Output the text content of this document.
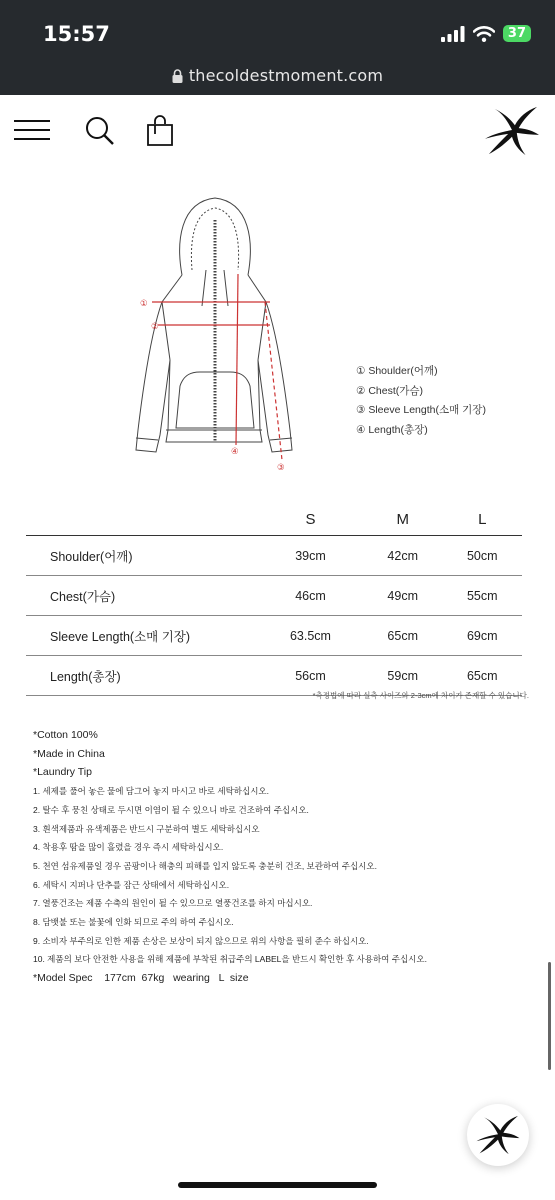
15:57	37
thecoldestmoment.com
①
②
④
③
① Shoulder(어깨)
② Chest(가슴)
③ Sleeve Length(소매 기장)
④ Length(총장)
	S	M	L
Shoulder(어깨)	39cm	42cm	50cm
Chest(가슴)	46cm	49cm	55cm
Sleeve Length(소매 기장)	63.5cm	65cm	69cm
Length(총장)	56cm	59cm	65cm
*측정법에 따라 실측 사이즈와 2-3cm에 차이가 존재할 수 있습니다.
*Cotton 100%
*Made in China
*Laundry Tip
1. 세제를 풀어 놓은 물에 담그어 놓지 마시고 바로 세탁하십시오.
2. 탈수 후 뭉친 상태로 두시면 이염이 될 수 있으니 바로 건조하여 주십시오.
3. 흰색제품과 유색제품은 반드시 구분하여 별도 세탁하십시오
4. 착용후 땀을 많이 흘렸을 경우 즉시 세탁하십시오.
5. 천연 섬유제품일 경우 곰팡이나 해충의 피해를 입지 않도록 충분히 건조, 보관하여 주십시오.
6. 세탁시 지퍼나 단추를 잠근 상태에서 세탁하십시오.
7. 열풍건조는 제품 수축의 원인이 될 수 있으므로 열풍건조를 하지 마십시오.
8. 담뱃불 또는 불꽃에 인화 되므로 주의 하여 주십시오.
9. 소비자 부주의로 인한 제품 손상은 보상이 되지 않으므로 위의 사항을 필히 준수 하십시오.
10. 제품의 보다 안전한 사용을 위해 제품에 부착된 취급주의 LABEL을 반드시 확인한 후 사용하여 주십시오.
*Model Spec    177cm  67kg   wearing   L  size
